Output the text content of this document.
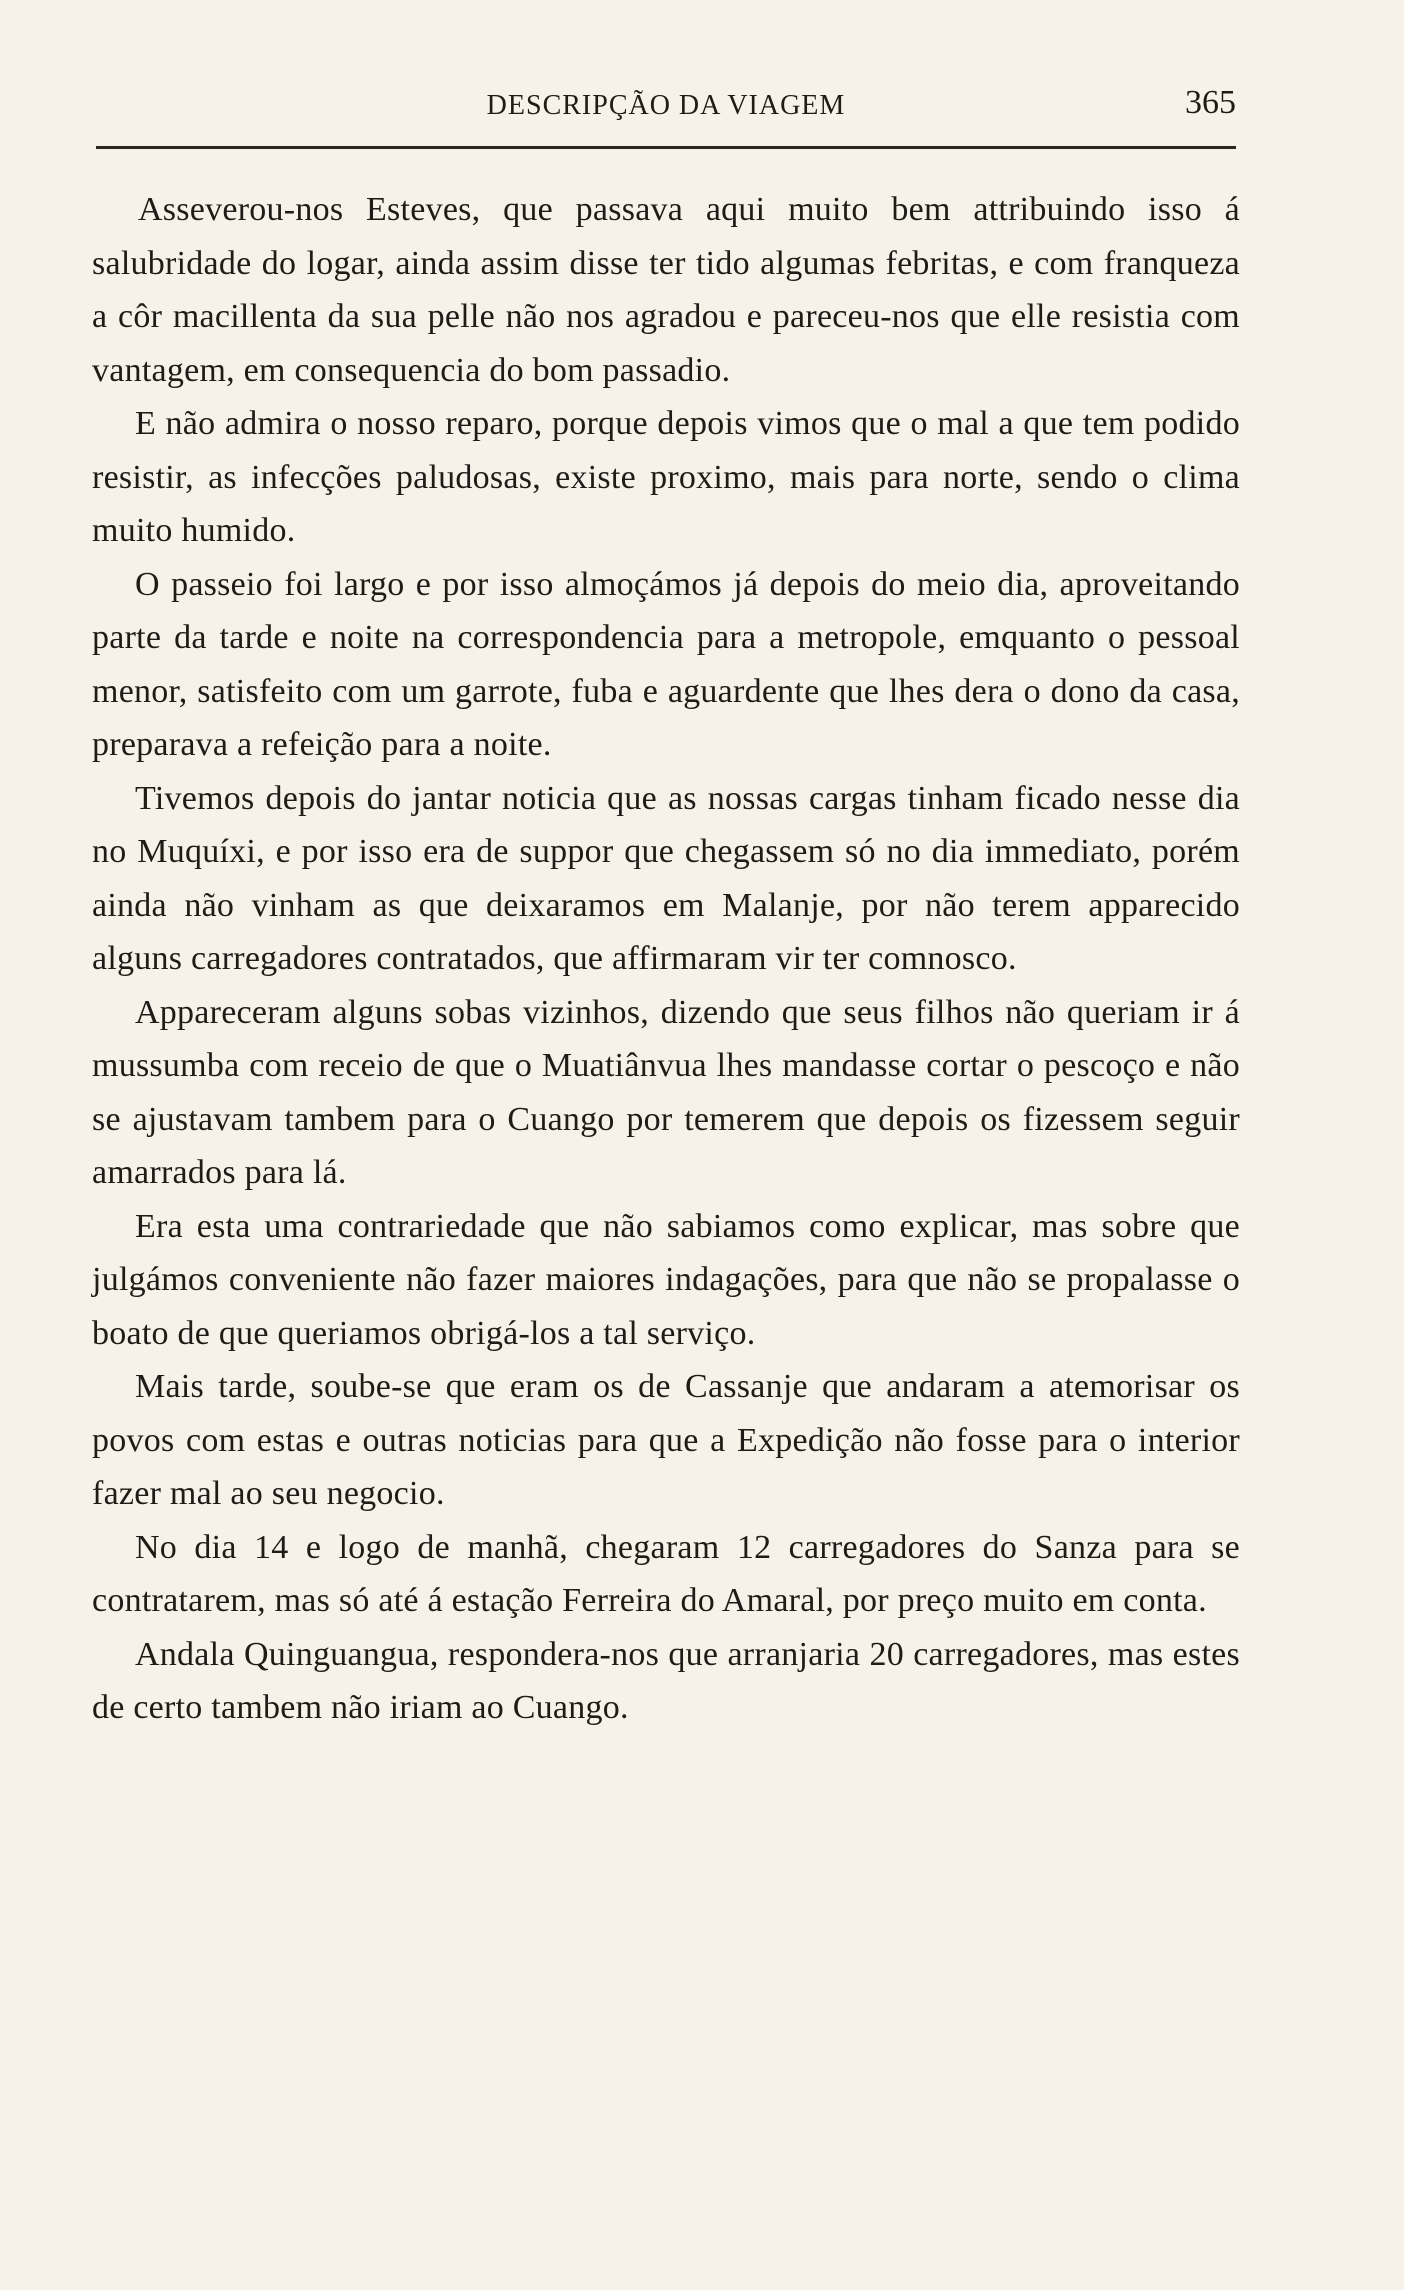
DESCRIPÇÃO DA VIAGEM	365

Asseverou-nos Esteves, que passava aqui muito bem attribuindo isso á salubridade do logar, ainda assim disse ter tido algumas febritas, e com franqueza a côr macillenta da sua pelle não nos agradou e pareceu-nos que elle resistia com vantagem, em consequencia do bom passadio.

E não admira o nosso reparo, porque depois vimos que o mal a que tem podido resistir, as infecções paludosas, existe proximo, mais para norte, sendo o clima muito humido.

O passeio foi largo e por isso almoçámos já depois do meio dia, aproveitando parte da tarde e noite na correspondencia para a metropole, emquanto o pessoal menor, satisfeito com um garrote, fuba e aguardente que lhes dera o dono da casa, preparava a refeição para a noite.

Tivemos depois do jantar noticia que as nossas cargas tinham ficado nesse dia no Muquíxi, e por isso era de suppor que chegassem só no dia immediato, porém ainda não vinham as que deixaramos em Malanje, por não terem apparecido alguns carregadores contratados, que affirmaram vir ter comnosco.

Appareceram alguns sobas vizinhos, dizendo que seus filhos não queriam ir á mussumba com receio de que o Muatiânvua lhes mandasse cortar o pescoço e não se ajustavam tambem para o Cuango por temerem que depois os fizessem seguir amarrados para lá.

Era esta uma contrariedade que não sabiamos como explicar, mas sobre que julgámos conveniente não fazer maiores indagações, para que não se propalasse o boato de que queriamos obrigá-los a tal serviço.

Mais tarde, soube-se que eram os de Cassanje que andaram a atemorisar os povos com estas e outras noticias para que a Expedição não fosse para o interior fazer mal ao seu negocio.

No dia 14 e logo de manhã, chegaram 12 carregadores do Sanza para se contratarem, mas só até á estação Ferreira do Amaral, por preço muito em conta.

Andala Quinguangua, respondera-nos que arranjaria 20 carregadores, mas estes de certo tambem não iriam ao Cuango.
